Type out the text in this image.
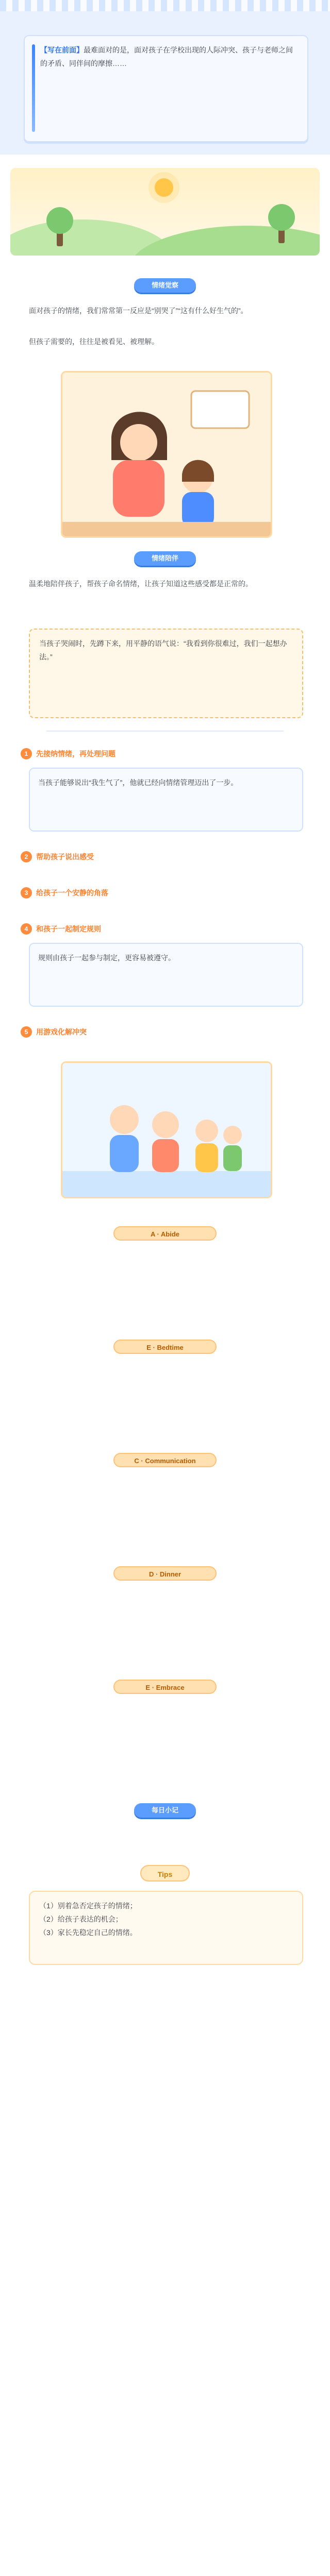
【写在前面】最难面对的是，面对孩子在学校出现的人际冲突、孩子与老师之间的矛盾、同伴间的摩擦……
情绪觉察
面对孩子的情绪，我们常常第一反应是“别哭了”“这有什么好生气的”。
但孩子需要的，往往是被看见、被理解。
情绪陪伴
温柔地陪伴孩子，帮孩子命名情绪，让孩子知道这些感受都是正常的。
当孩子哭闹时，先蹲下来，用平静的语气说：“我看到你很难过，我们一起想办法。”
1	先接纳情绪，再处理问题
当孩子能够说出“我生气了”，他就已经向情绪管理迈出了一步。
2	帮助孩子说出感受
3	给孩子一个安静的角落
4	和孩子一起制定规则
规则由孩子一起参与制定，更容易被遵守。
5	用游戏化解冲突
A · Abide
E · Bedtime
C · Communication
D · Dinner
E · Embrace
每日小记
Tips
（1）别着急否定孩子的情绪；
（2）给孩子表达的机会；
（3）家长先稳定自己的情绪。
